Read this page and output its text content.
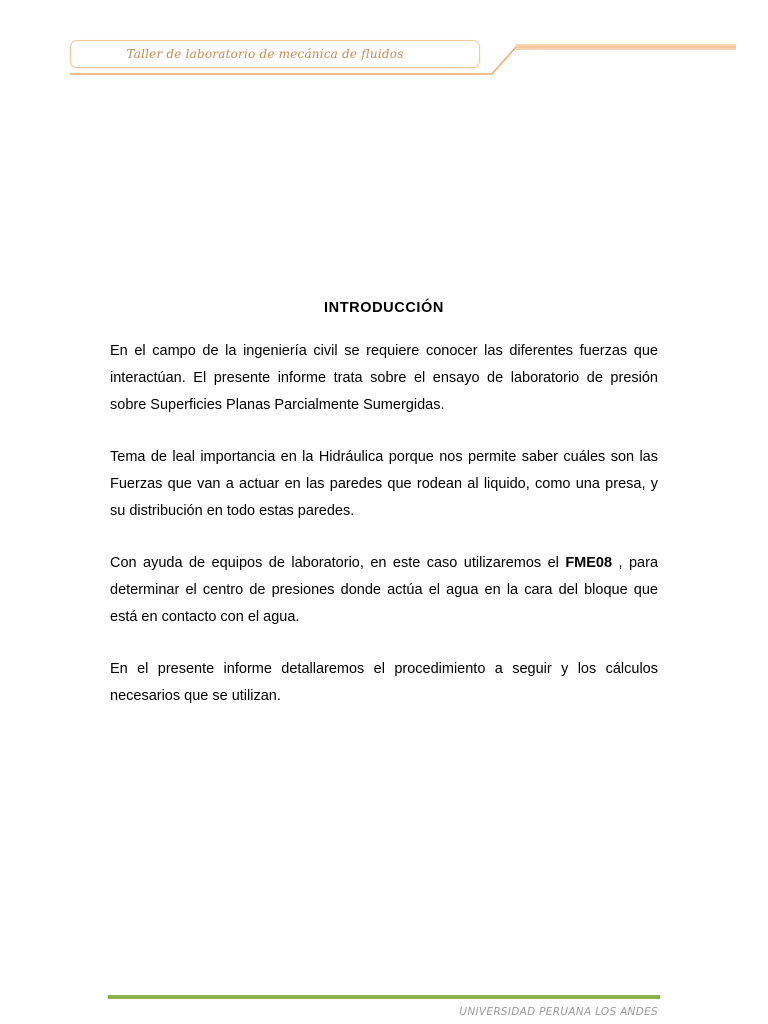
Taller de laboratorio de mecánica de fluidos
INTRODUCCIÓN

En el campo de la ingeniería civil se requiere conocer las diferentes fuerzas que interactúan. El presente informe trata sobre el ensayo de laboratorio de presión sobre Superficies Planas Parcialmente Sumergidas.

Tema de leal importancia en la Hidráulica porque nos permite saber cuáles son las Fuerzas que van a actuar en las paredes que rodean al liquido, como una presa, y su distribución en todo estas paredes.

Con ayuda de equipos de laboratorio, en este caso utilizaremos el FME08 , para determinar el centro de presiones donde actúa el agua en la cara del bloque que está en contacto con el agua.

En el presente informe detallaremos el procedimiento a seguir y los cálculos necesarios que se utilizan.

UNIVERSIDAD PERUANA LOS ANDES
